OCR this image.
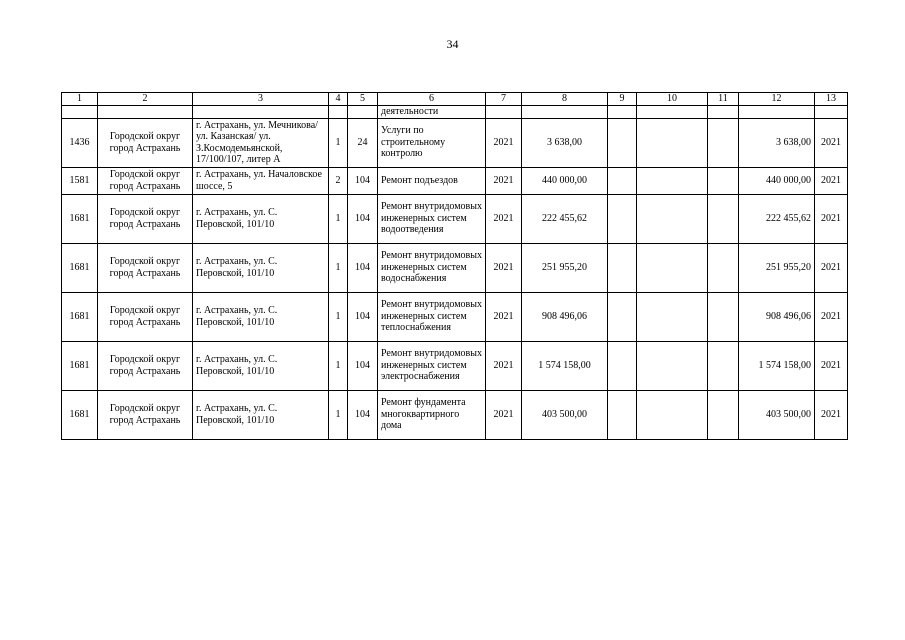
34
1	2	3	4	5	6	7	8	9	10	11	12	13
					деятельности							
1436	Городской округ город Астрахань	г. Астрахань, ул. Мечникова/ ул. Казанская/ ул. З.Космодемьянской, 17/100/107, литер А	1	24	Услуги по строительному контролю	2021	3 638,00				3 638,00	2021
1581	Городской округ город Астрахань	г. Астрахань, ул. Началовское шоссе, 5	2	104	Ремонт подъездов	2021	440 000,00				440 000,00	2021
1681	Городской округ город Астрахань	г. Астрахань, ул. С. Перовской, 101/10	1	104	Ремонт внутридомовых инженерных систем водоотведения	2021	222 455,62				222 455,62	2021
1681	Городской округ город Астрахань	г. Астрахань, ул. С. Перовской, 101/10	1	104	Ремонт внутридомовых инженерных систем водоснабжения	2021	251 955,20				251 955,20	2021
1681	Городской округ город Астрахань	г. Астрахань, ул. С. Перовской, 101/10	1	104	Ремонт внутридомовых инженерных систем теплоснабжения	2021	908 496,06				908 496,06	2021
1681	Городской округ город Астрахань	г. Астрахань, ул. С. Перовской, 101/10	1	104	Ремонт внутридомовых инженерных систем электроснабжения	2021	1 574 158,00				1 574 158,00	2021
1681	Городской округ город Астрахань	г. Астрахань, ул. С. Перовской, 101/10	1	104	Ремонт фундамента многоквартирного дома	2021	403 500,00				403 500,00	2021
